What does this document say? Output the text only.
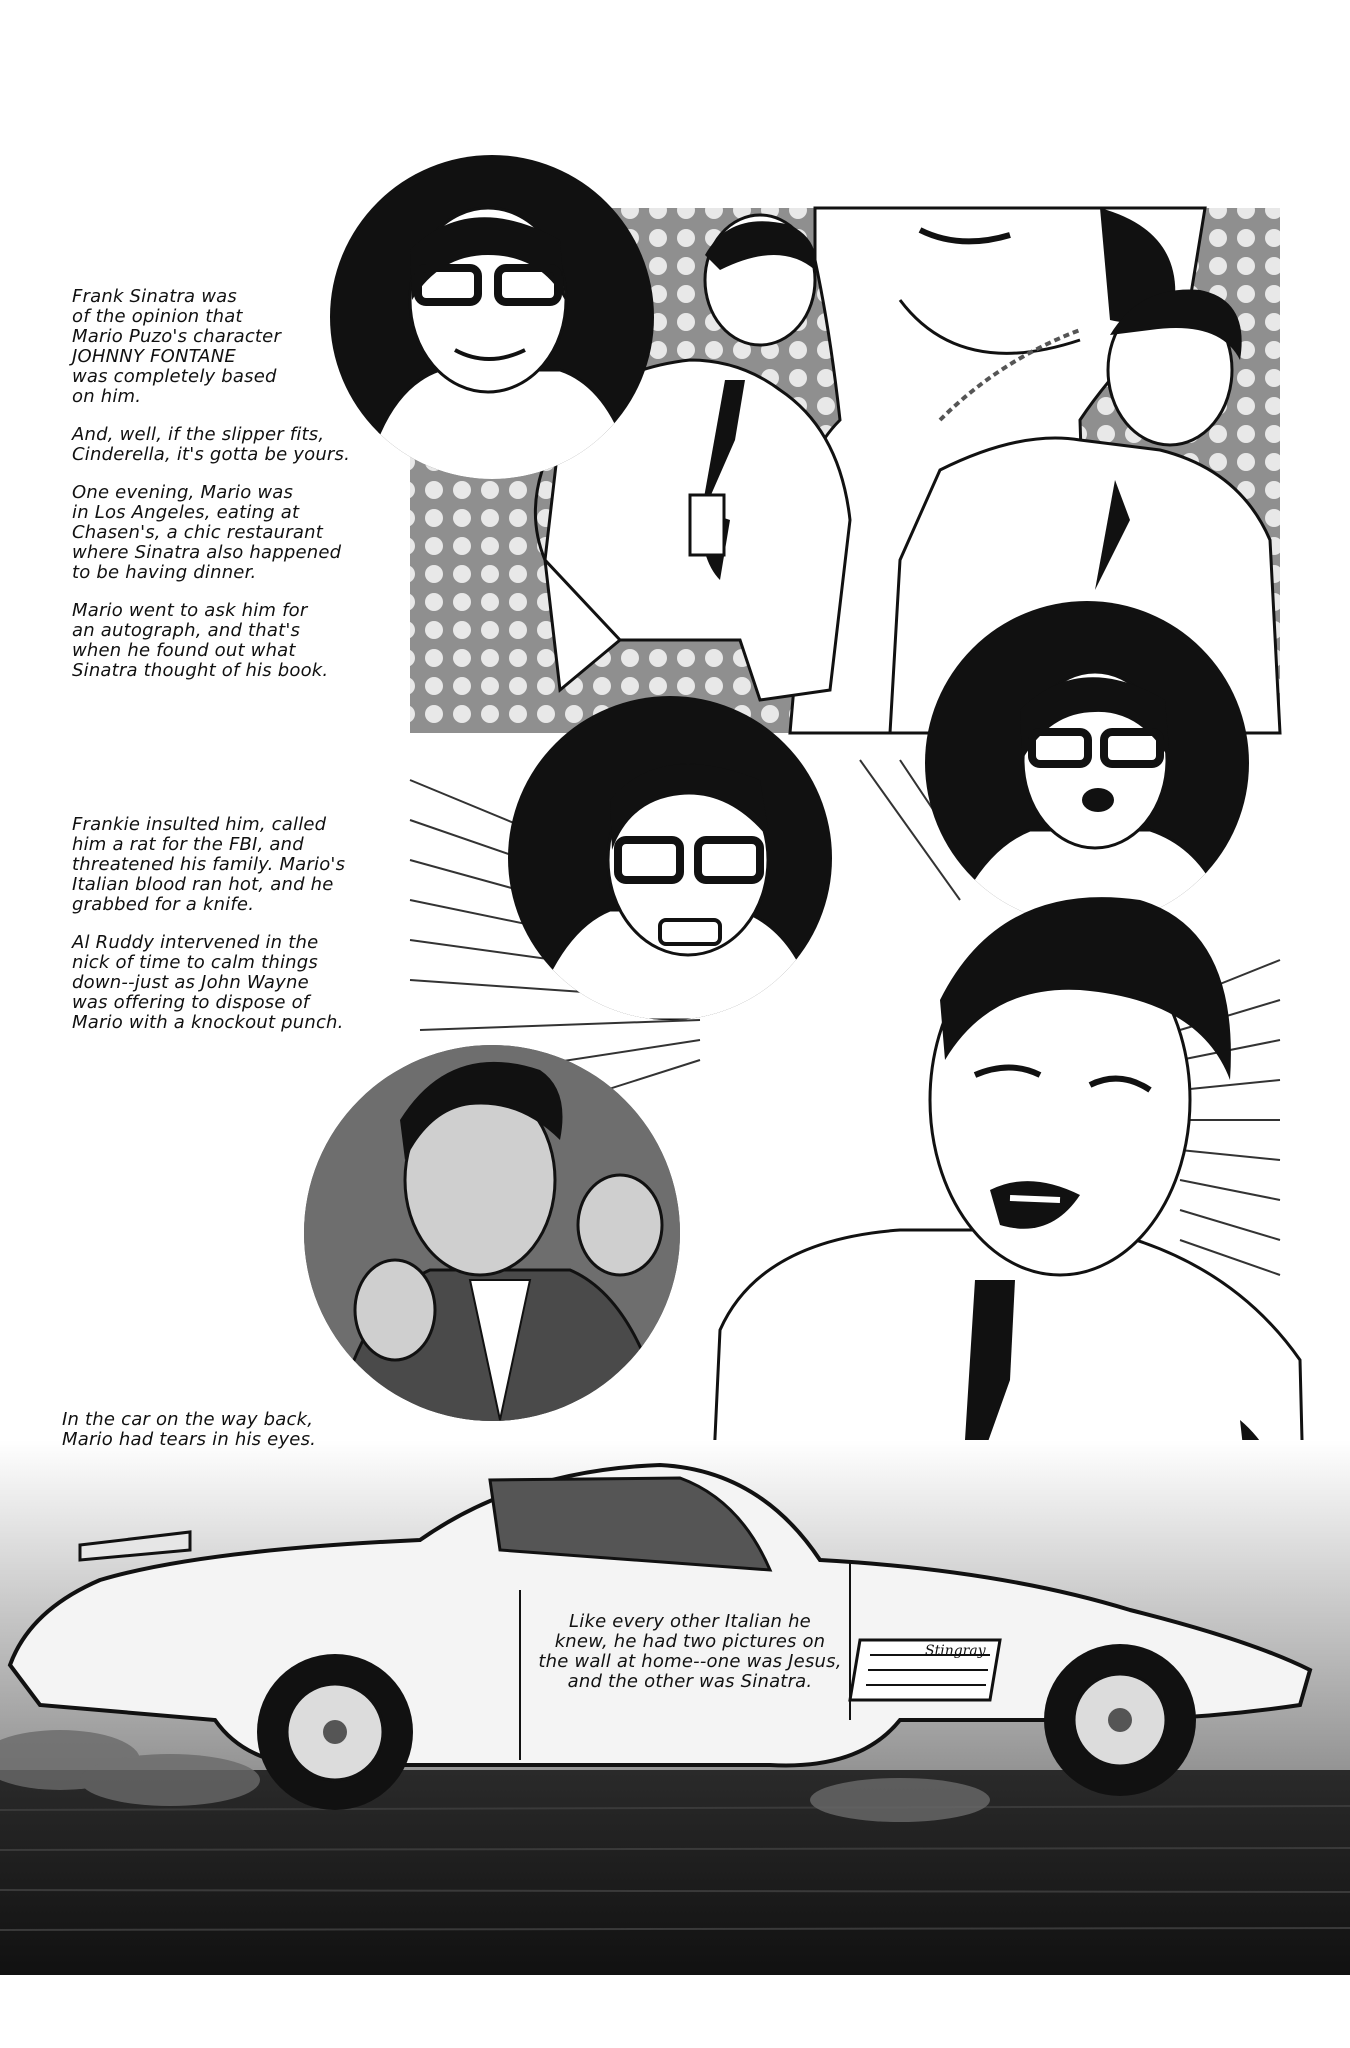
Stingray

Frank Sinatra was
of the opinion that
Mario Puzo's character
JOHNNY FONTANE
was completely based
on him.

And, well, if the slipper fits,
Cinderella, it's gotta be yours.

One evening, Mario was
in Los Angeles, eating at
Chasen's, a chic restaurant
where Sinatra also happened
to be having dinner.

Mario went to ask him for
an autograph, and that's
when he found out what
Sinatra thought of his book.

Frankie insulted him, called
him a rat for the FBI, and
threatened his family. Mario's
Italian blood ran hot, and he
grabbed for a knife.

Al Ruddy intervened in the
nick of time to calm things
down--just as John Wayne
was offering to dispose of
Mario with a knockout punch.

In the car on the way back,
Mario had tears in his eyes.

Like every other Italian he
knew, he had two pictures on
the wall at home--one was Jesus,
and the other was Sinatra.
